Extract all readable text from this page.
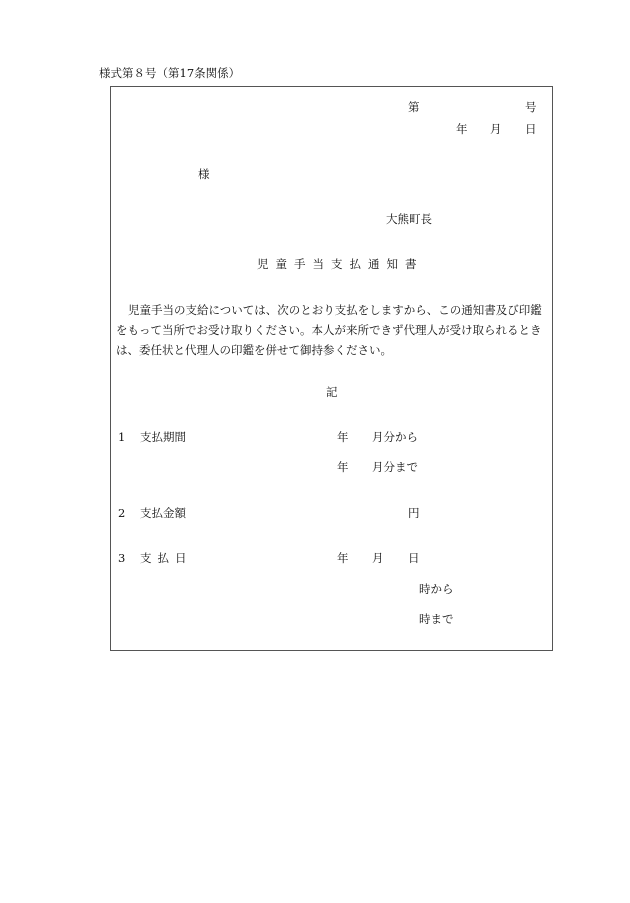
様式第８号（第17条関係）
第	号
年 月 日
様
大熊町長
児童手当支払通知書
児童手当の支給については、次のとおり支払をしますから、この通知書及び印鑑
をもって当所でお受け取りください。本人が来所できず代理人が受け取られるとき
は、委任状と代理人の印鑑を併せて御持参ください。
記
1 支払期間	年 月分から
年 月分まで
2 支払金額	円
3 支払日	年 月 日
時から
時まで
